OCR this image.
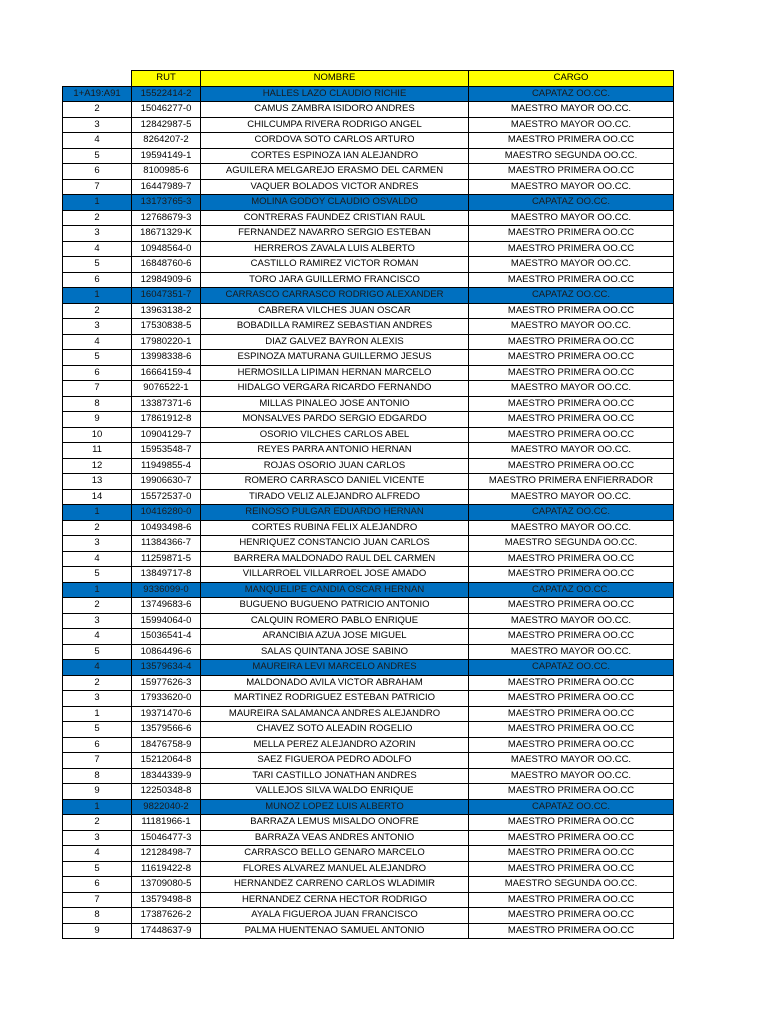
	RUT	NOMBRE	CARGO
1+A19:A91	15522414-2	HALLES LAZO CLAUDIO RICHIE	CAPATAZ OO.CC.
2	15046277-0	CAMUS ZAMBRA ISIDORO ANDRES	MAESTRO MAYOR OO.CC.
3	12842987-5	CHILCUMPA RIVERA RODRIGO ANGEL	MAESTRO MAYOR OO.CC.
4	8264207-2	CORDOVA SOTO CARLOS ARTURO	MAESTRO PRIMERA OO.CC
5	19594149-1	CORTES ESPINOZA IAN ALEJANDRO	MAESTRO SEGUNDA OO.CC.
6	8100985-6	AGUILERA MELGAREJO ERASMO DEL CARMEN	MAESTRO PRIMERA OO.CC
7	16447989-7	VAQUER BOLADOS VICTOR ANDRES	MAESTRO MAYOR OO.CC.
1	13173765-3	MOLINA GODOY CLAUDIO OSVALDO	CAPATAZ OO.CC.
2	12768679-3	CONTRERAS FAUNDEZ CRISTIAN RAUL	MAESTRO MAYOR OO.CC.
3	18671329-K	FERNANDEZ NAVARRO SERGIO ESTEBAN	MAESTRO PRIMERA OO.CC
4	10948564-0	HERREROS ZAVALA LUIS ALBERTO	MAESTRO PRIMERA OO.CC
5	16848760-6	CASTILLO RAMIREZ VICTOR ROMAN	MAESTRO MAYOR OO.CC.
6	12984909-6	TORO JARA GUILLERMO FRANCISCO	MAESTRO PRIMERA OO.CC
1	16047351-7	CARRASCO CARRASCO RODRIGO ALEXANDER	CAPATAZ OO.CC.
2	13963138-2	CABRERA VILCHES JUAN OSCAR	MAESTRO PRIMERA OO.CC
3	17530838-5	BOBADILLA RAMIREZ SEBASTIAN ANDRES	MAESTRO MAYOR OO.CC.
4	17980220-1	DIAZ GALVEZ BAYRON ALEXIS	MAESTRO PRIMERA OO.CC
5	13998338-6	ESPINOZA MATURANA GUILLERMO JESUS	MAESTRO PRIMERA OO.CC
6	16664159-4	HERMOSILLA LIPIMAN HERNAN MARCELO	MAESTRO PRIMERA OO.CC
7	9076522-1	HIDALGO VERGARA RICARDO FERNANDO	MAESTRO MAYOR OO.CC.
8	13387371-6	MILLAS PINALEO JOSE ANTONIO	MAESTRO PRIMERA OO.CC
9	17861912-8	MONSALVES PARDO SERGIO EDGARDO	MAESTRO PRIMERA OO.CC
10	10904129-7	OSORIO VILCHES CARLOS ABEL	MAESTRO PRIMERA OO.CC
11	15953548-7	REYES PARRA ANTONIO HERNAN	MAESTRO MAYOR OO.CC.
12	11949855-4	ROJAS OSORIO JUAN CARLOS	MAESTRO PRIMERA OO.CC
13	19906630-7	ROMERO CARRASCO DANIEL VICENTE	MAESTRO PRIMERA ENFIERRADOR
14	15572537-0	TIRADO VELIZ ALEJANDRO ALFREDO	MAESTRO MAYOR OO.CC.
1	10416280-0	REINOSO PULGAR EDUARDO HERNAN	CAPATAZ OO.CC.
2	10493498-6	CORTES RUBINA FELIX ALEJANDRO	MAESTRO MAYOR OO.CC.
3	11384366-7	HENRIQUEZ CONSTANCIO JUAN CARLOS	MAESTRO SEGUNDA OO.CC.
4	11259871-5	BARRERA MALDONADO RAUL DEL CARMEN	MAESTRO PRIMERA OO.CC
5	13849717-8	VILLARROEL VILLARROEL JOSE AMADO	MAESTRO PRIMERA OO.CC
1	9336099-0	MANQUELIPE CANDIA OSCAR HERNAN	CAPATAZ OO.CC.
2	13749683-6	BUGUENO BUGUENO PATRICIO ANTONIO	MAESTRO PRIMERA OO.CC
3	15994064-0	CALQUIN ROMERO PABLO ENRIQUE	MAESTRO MAYOR OO.CC.
4	15036541-4	ARANCIBIA AZUA JOSE MIGUEL	MAESTRO PRIMERA OO.CC
5	10864496-6	SALAS QUINTANA JOSE SABINO	MAESTRO MAYOR OO.CC.
4	13579634-4	MAUREIRA LEVI MARCELO ANDRES	CAPATAZ OO.CC.
2	15977626-3	MALDONADO AVILA VICTOR ABRAHAM	MAESTRO PRIMERA OO.CC
3	17933620-0	MARTINEZ RODRIGUEZ ESTEBAN PATRICIO	MAESTRO PRIMERA OO.CC
1	19371470-6	MAUREIRA SALAMANCA ANDRES ALEJANDRO	MAESTRO PRIMERA OO.CC
5	13579566-6	CHAVEZ SOTO ALEADIN ROGELIO	MAESTRO PRIMERA OO.CC
6	18476758-9	MELLA PEREZ ALEJANDRO AZORIN	MAESTRO PRIMERA OO.CC
7	15212064-8	SAEZ FIGUEROA PEDRO ADOLFO	MAESTRO MAYOR OO.CC.
8	18344339-9	TARI CASTILLO JONATHAN ANDRES	MAESTRO MAYOR OO.CC.
9	12250348-8	VALLEJOS SILVA WALDO ENRIQUE	MAESTRO PRIMERA OO.CC
1	9822040-2	MUNOZ LOPEZ LUIS ALBERTO	CAPATAZ OO.CC.
2	11181966-1	BARRAZA LEMUS MISALDO ONOFRE	MAESTRO PRIMERA OO.CC
3	15046477-3	BARRAZA VEAS ANDRES ANTONIO	MAESTRO PRIMERA OO.CC
4	12128498-7	CARRASCO BELLO GENARO MARCELO	MAESTRO PRIMERA OO.CC
5	11619422-8	FLORES ALVAREZ MANUEL ALEJANDRO	MAESTRO PRIMERA OO.CC
6	13709080-5	HERNANDEZ CARRENO CARLOS WLADIMIR	MAESTRO SEGUNDA OO.CC.
7	13579498-8	HERNANDEZ CERNA HECTOR RODRIGO	MAESTRO PRIMERA OO.CC
8	17387626-2	AYALA FIGUEROA JUAN FRANCISCO	MAESTRO PRIMERA OO.CC
9	17448637-9	PALMA HUENTENAO SAMUEL ANTONIO	MAESTRO PRIMERA OO.CC
